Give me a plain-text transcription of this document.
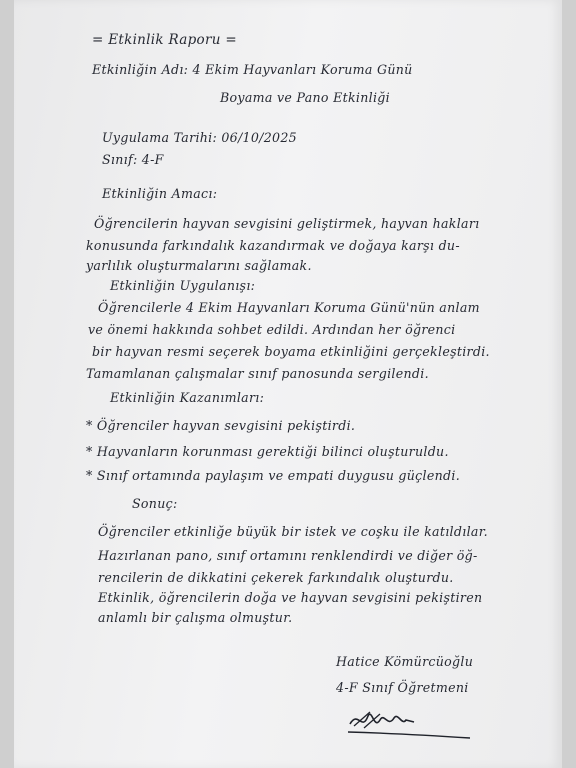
= Etkinlik Raporu =

Etkinliğin Adı: 4 Ekim Hayvanları Koruma Günü

Boyama ve Pano Etkinliği

Uygulama Tarihi: 06/10/2025

Sınıf: 4-F

Etkinliğin Amacı:

Öğrencilerin hayvan sevgisini geliştirmek, hayvan hakları

konusunda farkındalık kazandırmak ve doğaya karşı du-

yarlılık oluşturmalarını sağlamak.

Etkinliğin Uygulanışı:

Öğrencilerle 4 Ekim Hayvanları Koruma Günü'nün anlam

ve önemi hakkında sohbet edildi. Ardından her öğrenci

bir hayvan resmi seçerek boyama etkinliğini gerçekleştirdi.

Tamamlanan çalışmalar sınıf panosunda sergilendi.

Etkinliğin Kazanımları:

* Öğrenciler hayvan sevgisini pekiştirdi.

* Hayvanların korunması gerektiği bilinci oluşturuldu.

* Sınıf ortamında paylaşım ve empati duygusu güçlendi.

Sonuç:

Öğrenciler etkinliğe büyük bir istek ve coşku ile katıldılar.

Hazırlanan pano, sınıf ortamını renklendirdi ve diğer öğ-

rencilerin de dikkatini çekerek farkındalık oluşturdu.

Etkinlik, öğrencilerin doğa ve hayvan sevgisini pekiştiren

anlamlı bir çalışma olmuştur.

Hatice Kömürcüoğlu

4-F Sınıf Öğretmeni
